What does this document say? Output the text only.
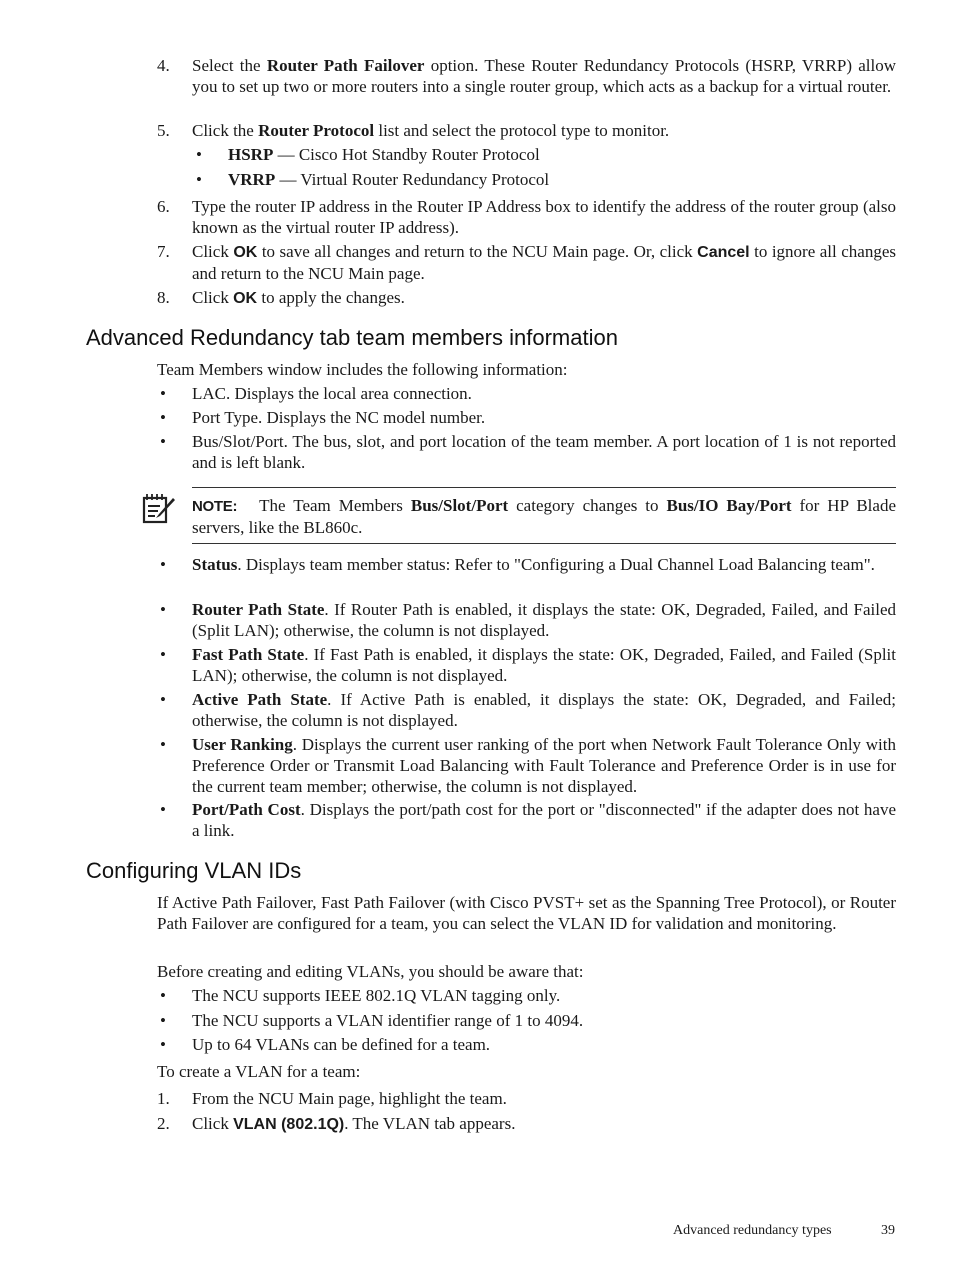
4. Select the Router Path Failover option. These Router Redundancy Protocols (HSRP, VRRP) allow you to set up two or more routers into a single router group, which acts as a backup for a virtual router.
5. Click the Router Protocol list and select the protocol type to monitor.
• HSRP — Cisco Hot Standby Router Protocol
• VRRP — Virtual Router Redundancy Protocol
6. Type the router IP address in the Router IP Address box to identify the address of the router group (also known as the virtual router IP address).
7. Click OK to save all changes and return to the NCU Main page. Or, click Cancel to ignore all changes and return to the NCU Main page.
8. Click OK to apply the changes.
Advanced Redundancy tab team members information
Team Members window includes the following information:
• LAC. Displays the local area connection.
• Port Type. Displays the NC model number.
• Bus/Slot/Port. The bus, slot, and port location of the team member. A port location of 1 is not reported and is left blank.
NOTE: The Team Members Bus/Slot/Port category changes to Bus/IO Bay/Port for HP Blade servers, like the BL860c.
• Status. Displays team member status: Refer to "Configuring a Dual Channel Load Balancing team".
• Router Path State. If Router Path is enabled, it displays the state: OK, Degraded, Failed, and Failed (Split LAN); otherwise, the column is not displayed.
• Fast Path State. If Fast Path is enabled, it displays the state: OK, Degraded, Failed, and Failed (Split LAN); otherwise, the column is not displayed.
• Active Path State. If Active Path is enabled, it displays the state: OK, Degraded, and Failed; otherwise, the column is not displayed.
• User Ranking. Displays the current user ranking of the port when Network Fault Tolerance Only with Preference Order or Transmit Load Balancing with Fault Tolerance and Preference Order is in use for the current team member; otherwise, the column is not displayed.
• Port/Path Cost. Displays the port/path cost for the port or "disconnected" if the adapter does not have a link.
Configuring VLAN IDs
If Active Path Failover, Fast Path Failover (with Cisco PVST+ set as the Spanning Tree Protocol), or Router Path Failover are configured for a team, you can select the VLAN ID for validation and monitoring.
Before creating and editing VLANs, you should be aware that:
• The NCU supports IEEE 802.1Q VLAN tagging only.
• The NCU supports a VLAN identifier range of 1 to 4094.
• Up to 64 VLANs can be defined for a team.
To create a VLAN for a team:
1. From the NCU Main page, highlight the team.
2. Click VLAN (802.1Q). The VLAN tab appears.
Advanced redundancy types	39
